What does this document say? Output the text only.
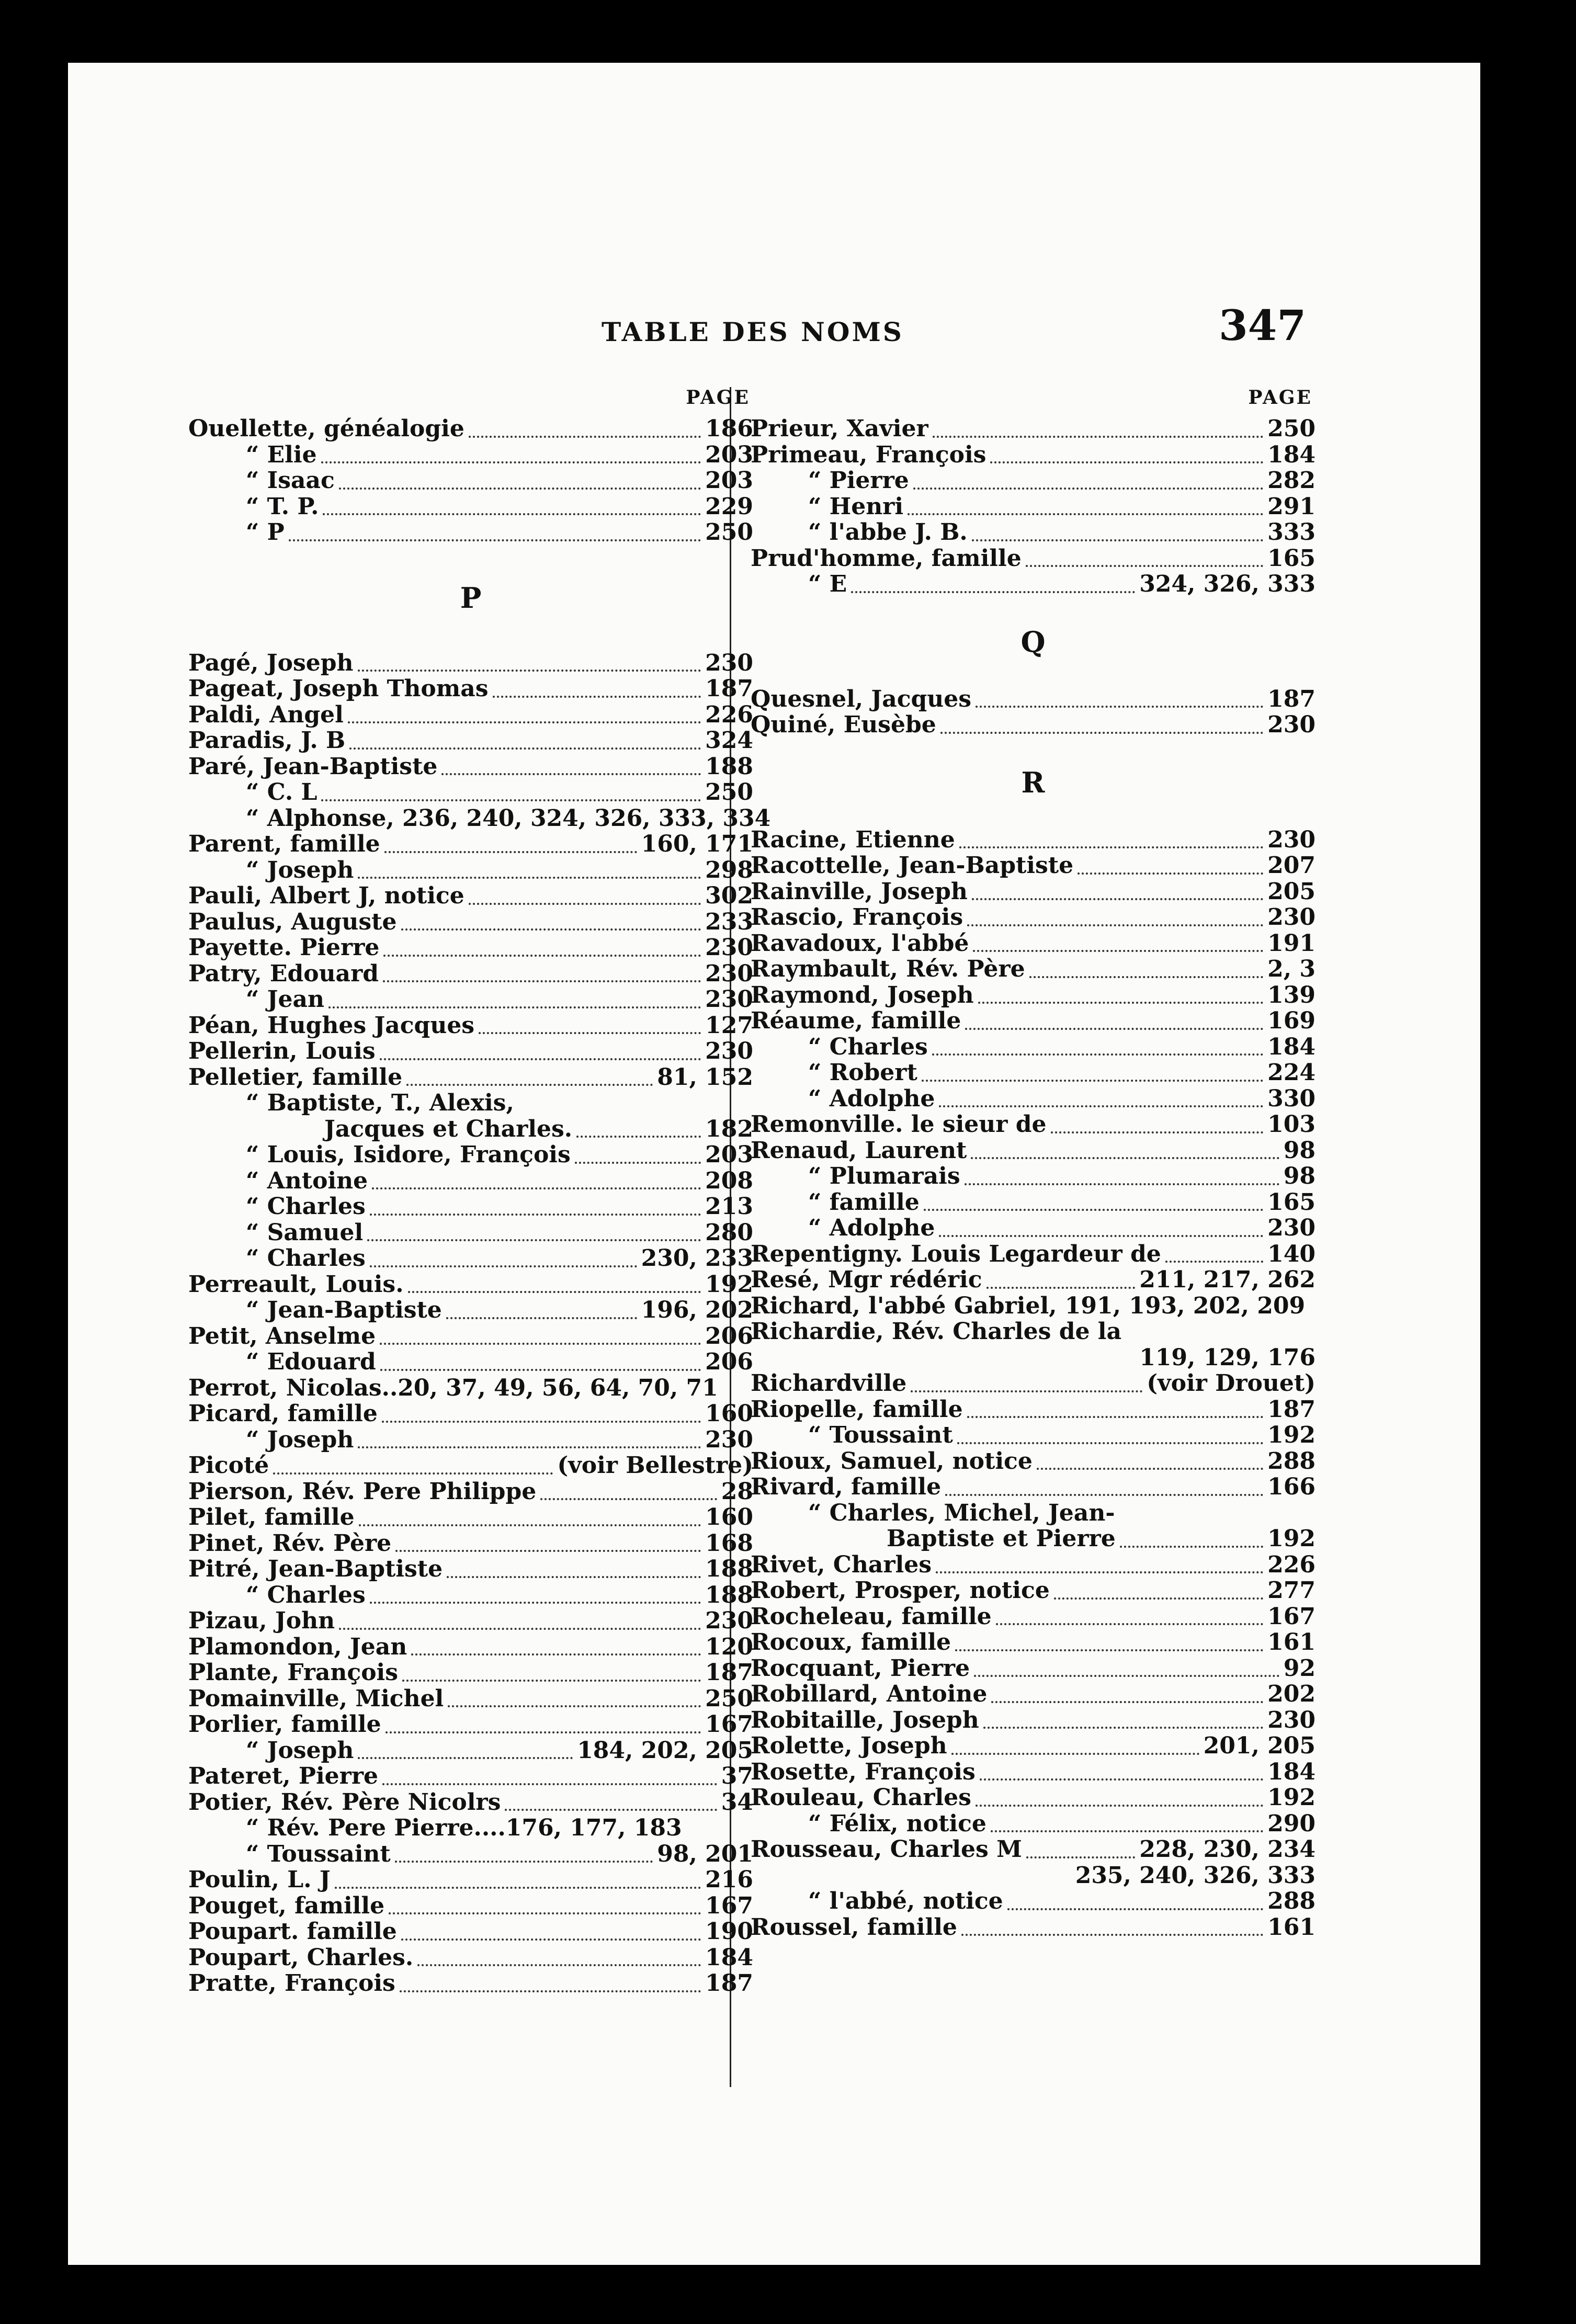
TABLE DES NOMS	347
PAGE
Ouellette, généalogie	186
“ Elie	203
“ Isaac	203
“ T. P.	229
“ P	250
P
Pagé, Joseph	230
Pageat, Joseph Thomas	187
Paldi, Angel	226
Paradis, J. B	324
Paré, Jean-Baptiste	188
“ C. L	250
“ Alphonse, 236, 240, 324, 326, 333, 334
Parent, famille	160, 171
“ Joseph	298
Pauli, Albert J, notice	302
Paulus, Auguste	233
Payette. Pierre	230
Patry, Edouard	230
“ Jean	230
Péan, Hughes Jacques	127
Pellerin, Louis	230
Pelletier, famille	81, 152
“ Baptiste, T., Alexis,
Jacques et Charles.	182
“ Louis, Isidore, François	203
“ Antoine	208
“ Charles	213
“ Samuel	280
“ Charles	230, 233
Perreault, Louis.	192
“ Jean-Baptiste	196, 202
Petit, Anselme	206
“ Edouard	206
Perrot, Nicolas..20, 37, 49, 56, 64, 70, 71
Picard, famille	160
“ Joseph	230
Picoté	(voir Bellestre)
Pierson, Rév. Pere Philippe	28
Pilet, famille	160
Pinet, Rév. Père	168
Pitré, Jean-Baptiste	188
“ Charles	188
Pizau, John	230
Plamondon, Jean	120
Plante, François	187
Pomainville, Michel	250
Porlier, famille	167
“ Joseph	184, 202, 205
Pateret, Pierre	37
Potier, Rév. Père Nicolrs	34
“ Rév. Pere Pierre....176, 177, 183
“ Toussaint	98, 201
Poulin, L. J	216
Pouget, famille	167
Poupart. famille	190
Poupart, Charles.	184
Pratte, François	187
PAGE
Prieur, Xavier	250
Primeau, François	184
“ Pierre	282
“ Henri	291
“ l'abbe J. B.	333
Prud'homme, famille	165
“ E	324, 326, 333
Q
Quesnel, Jacques	187
Quiné, Eusèbe	230
R
Racine, Etienne	230
Racottelle, Jean-Baptiste	207
Rainville, Joseph	205
Rascio, François	230
Ravadoux, l'abbé	191
Raymbault, Rév. Père	2, 3
Raymond, Joseph	139
Réaume, famille	169
“ Charles	184
“ Robert	224
“ Adolphe	330
Remonville. le sieur de	103
Renaud, Laurent	98
“ Plumarais	98
“ famille	165
“ Adolphe	230
Repentigny. Louis Legardeur de	140
Resé, Mgr rédéric	211, 217, 262
Richard, l'abbé Gabriel, 191, 193, 202, 209
Richardie, Rév. Charles de la
119, 129, 176
Richardville	(voir Drouet)
Riopelle, famille	187
“ Toussaint	192
Rioux, Samuel, notice	288
Rivard, famille	166
“ Charles, Michel, Jean-
Baptiste et Pierre	192
Rivet, Charles	226
Robert, Prosper, notice	277
Rocheleau, famille	167
Rocoux, famille	161
Rocquant, Pierre	92
Robillard, Antoine	202
Robitaille, Joseph	230
Rolette, Joseph	201, 205
Rosette, François	184
Rouleau, Charles	192
“ Félix, notice	290
Rousseau, Charles M	228, 230, 234
235, 240, 326, 333
“ l'abbé, notice	288
Roussel, famille	161
